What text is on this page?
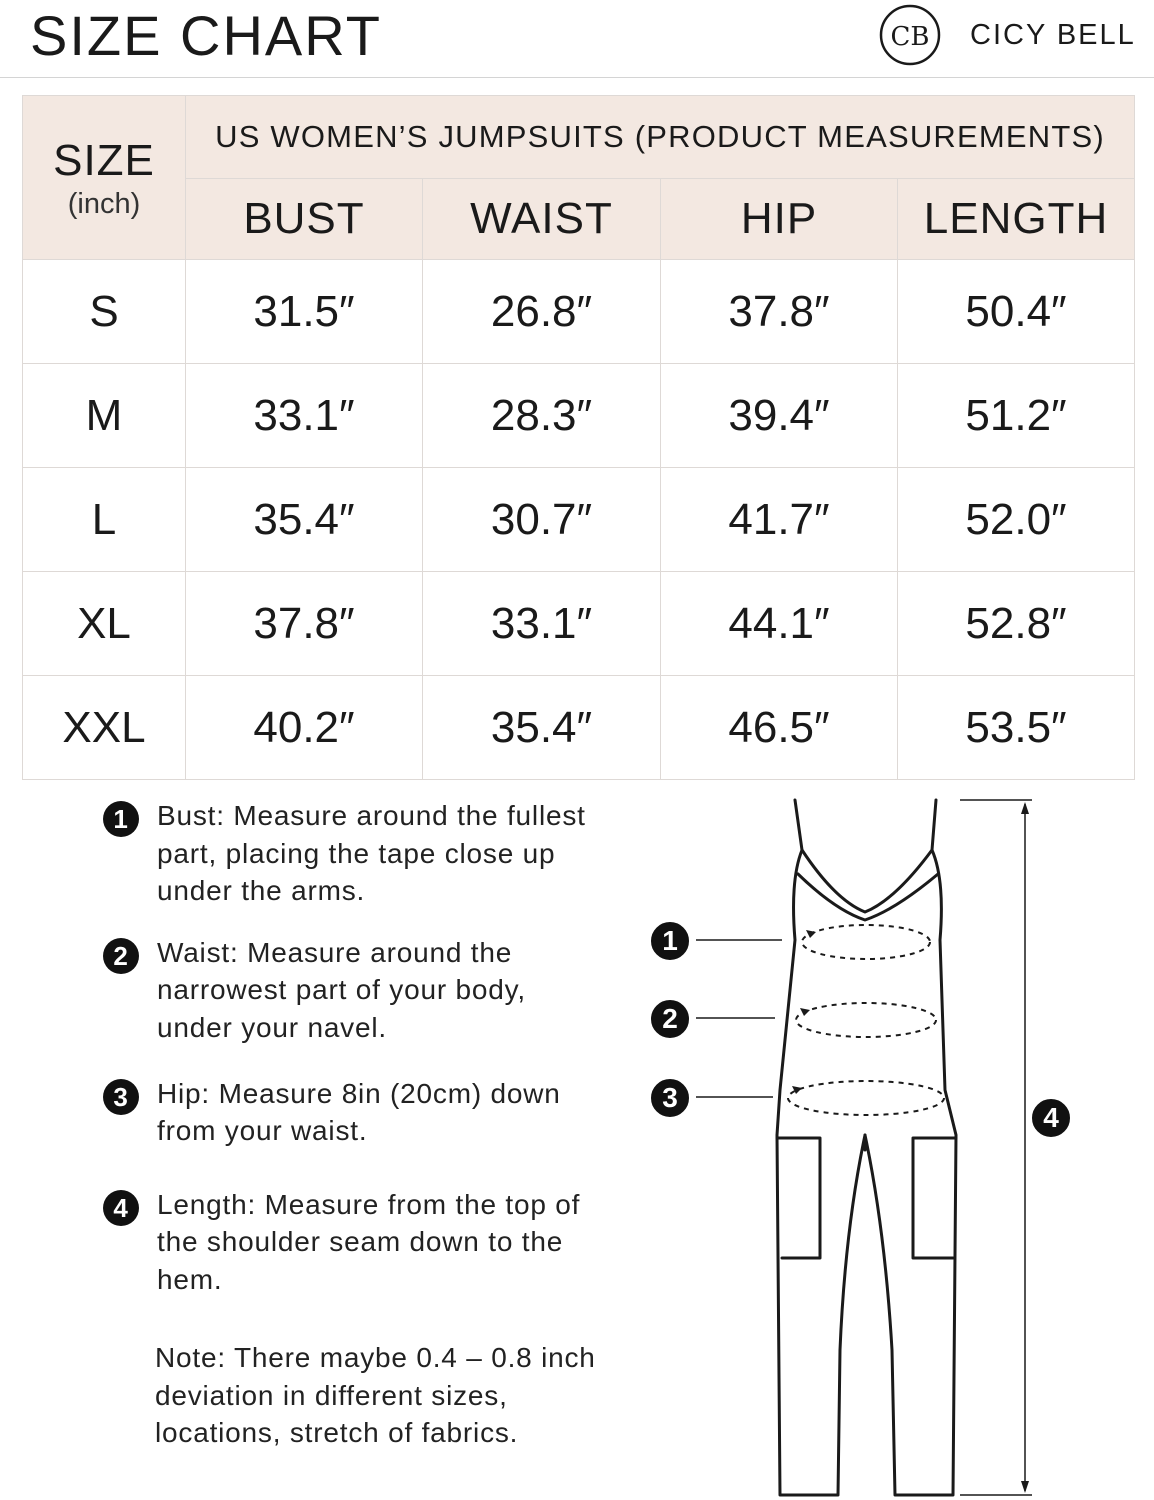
SIZE CHART	CB CICY BELL
SIZE
(inch)	US WOMEN’S JUMPSUITS (PRODUCT MEASUREMENTS)			
	BUST	WAIST	HIP	LENGTH
S	31.5″	26.8″	37.8″	50.4″
M	33.1″	28.3″	39.4″	51.2″
L	35.4″	30.7″	41.7″	52.0″
XL	37.8″	33.1″	44.1″	52.8″
XXL	40.2″	35.4″	46.5″	53.5″
1	Bust: Measure around the fullest part, placing the tape close up under the arms.

2	Waist: Measure around the narrowest part of your body, under your navel.

3	Hip: Measure 8in (20cm) down from your waist.

4	Length: Measure from the top of the shoulder seam down to the hem.

Note: There maybe 0.4 – 0.8 inch deviation in different sizes, locations, stretch of fabrics.

1
2
3
4
